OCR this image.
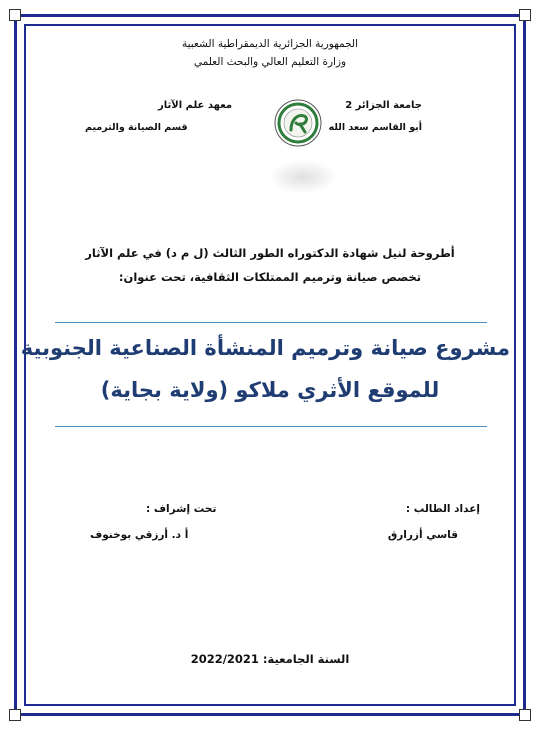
الجمهورية الجزائرية الديمقراطية الشعبية
وزارة التعليم العالي والبحث العلمي
جامعة الجزائر 2
أبو القاسم سعد الله
معهد علم الآثار
قسم الصيانة والترميم
أطروحة لنيل شهادة الدكتوراه الطور الثالث (ل م د) في علم الآثار
تخصص صيانة وترميم الممتلكات الثقافية، تحت عنوان:
مشروع صيانة وترميم المنشأة الصناعية الجنوبية
للموقع الأثري ملاكو (ولاية بجاية)
إعداد الطالب :
قاسي أزرارق
تحت إشراف :
أ د. أرزقي بوخنوف
السنة الجامعية: 2022/2021
